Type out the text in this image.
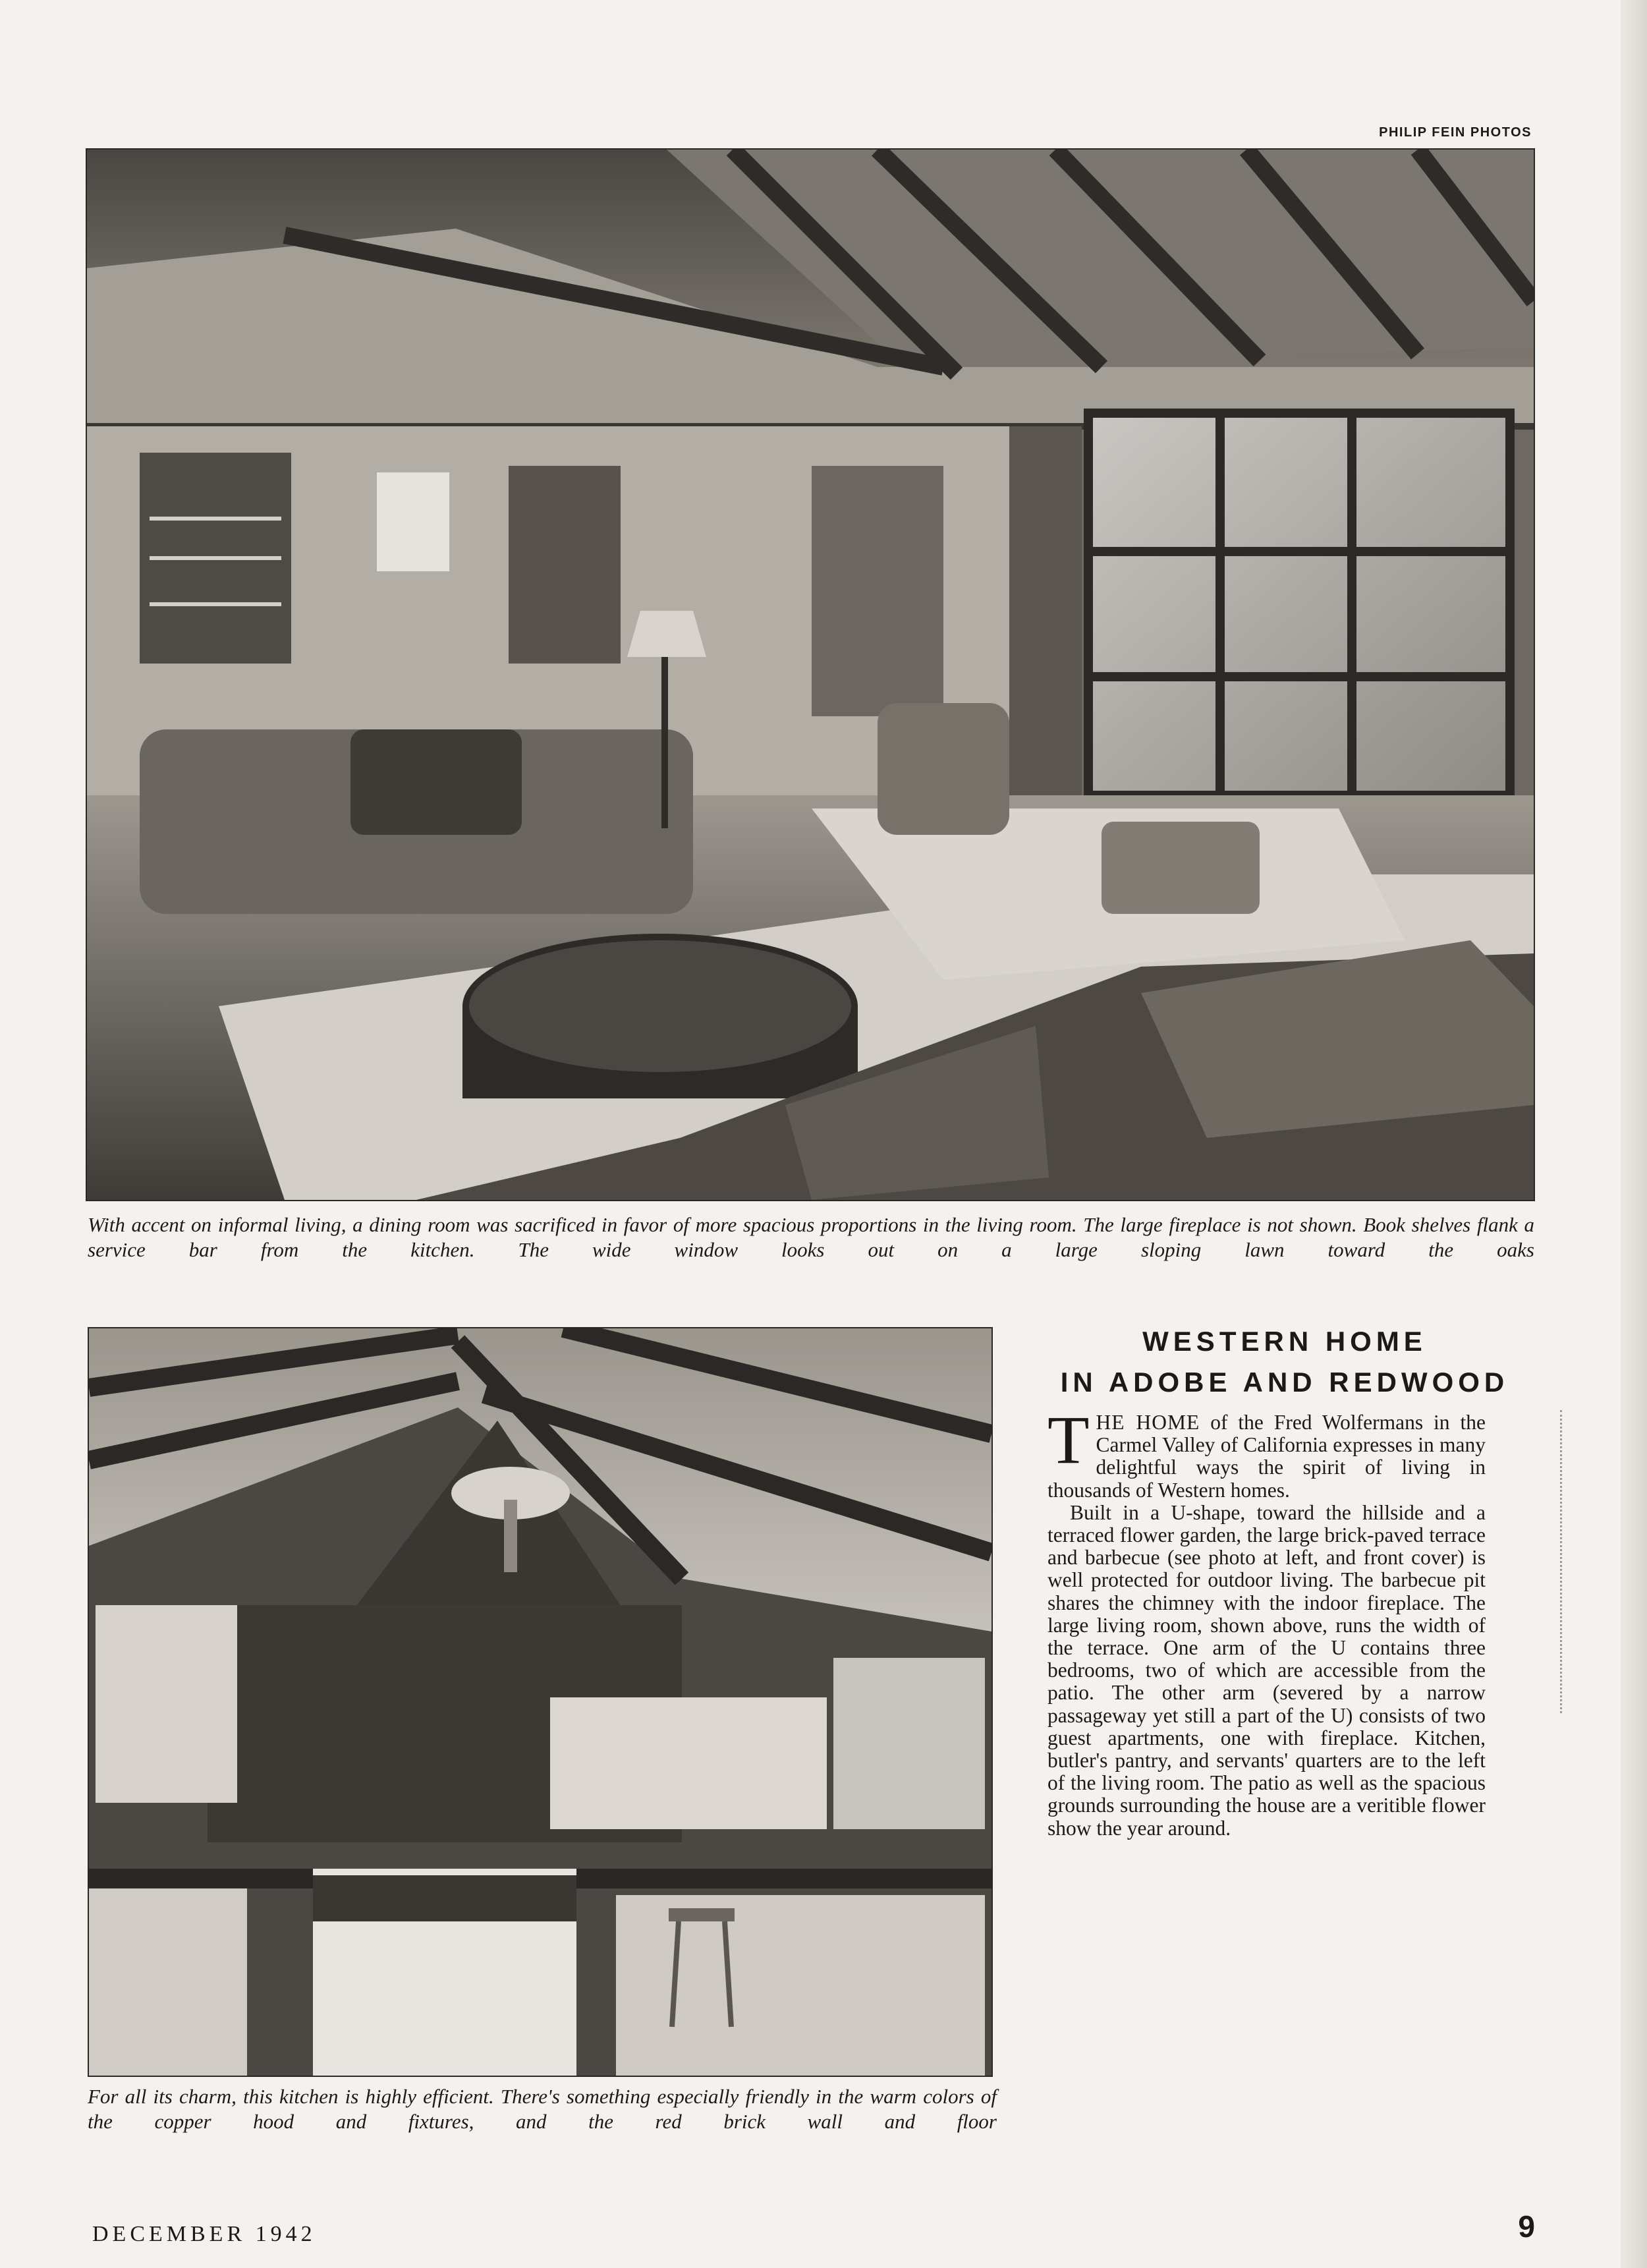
PHILIP FEIN PHOTOS
With accent on informal living, a dining room was sacrificed in favor of more spacious proportions in the living room. The large fireplace is not shown. Book shelves flank a service bar from the kitchen. The wide window looks out on a large sloping lawn toward the oaks
For all its charm, this kitchen is highly efficient. There's something especially friendly in the warm colors of the copper hood and fixtures, and the red brick wall and floor
WESTERN HOME
IN ADOBE AND REDWOOD

THE HOME of the Fred Wolfermans in the Carmel Valley of California expresses in many delightful ways the spirit of living in thousands of Western homes.

Built in a U-shape, toward the hillside and a terraced flower garden, the large brick-paved terrace and barbecue (see photo at left, and front cover) is well protected for outdoor living. The barbecue pit shares the chimney with the indoor fireplace. The large living room, shown above, runs the width of the terrace. One arm of the U contains three bedrooms, two of which are accessible from the patio. The other arm (severed by a narrow passageway yet still a part of the U) consists of two guest apartments, one with fireplace. Kitchen, butler's pantry, and servants' quarters are to the left of the living room. The patio as well as the spacious grounds surrounding the house are a veritible flower show the year around.

DECEMBER 1942	9
